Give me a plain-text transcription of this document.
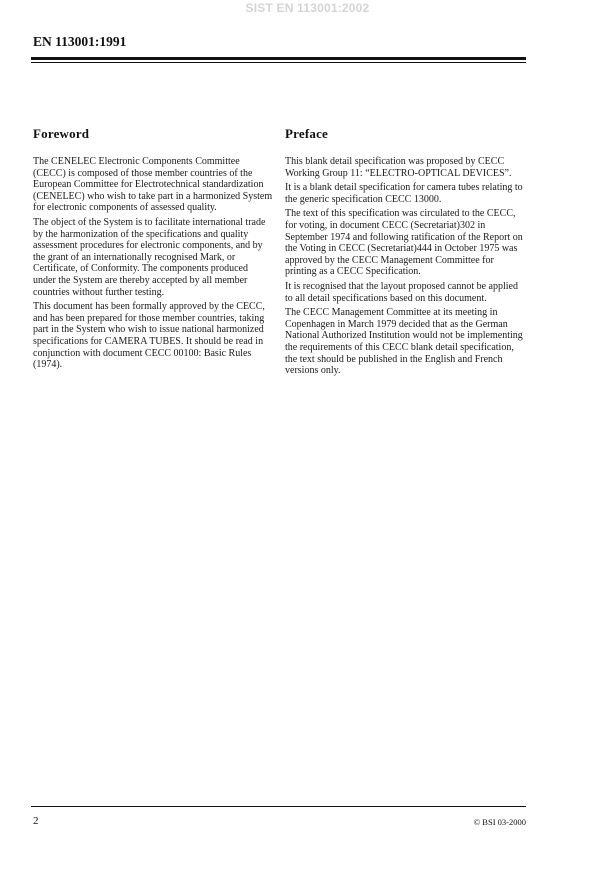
SIST EN 113001:2002
EN 113001:1991
Foreword

The CENELEC Electronic Components Committee (CECC) is composed of those member countries of the European Committee for Electrotechnical standardization (CENELEC) who wish to take part in a harmonized System for electronic components of assessed quality.

The object of the System is to facilitate international trade by the harmonization of the specifications and quality assessment procedures for electronic components, and by the grant of an internationally recognised Mark, or Certificate, of Conformity. The components produced under the System are thereby accepted by all member countries without further testing.

This document has been formally approved by the CECC, and has been prepared for those member countries, taking part in the System who wish to issue national harmonized specifications for CAMERA TUBES. It should be read in conjunction with document CECC 00100: Basic Rules (1974).

Preface

This blank detail specification was proposed by CECC Working Group 11: “ELECTRO-OPTICAL DEVICES”.

It is a blank detail specification for camera tubes relating to the generic specification CECC 13000.

The text of this specification was circulated to the CECC, for voting, in document CECC (Secretariat)302 in September 1974 and following ratification of the Report on the Voting in CECC (Secretariat)444 in October 1975 was approved by the CECC Management Committee for printing as a CECC Specification.

It is recognised that the layout proposed cannot be applied to all detail specifications based on this document.

The CECC Management Committee at its meeting in Copenhagen in March 1979 decided that as the German National Authorized Institution would not be implementing the requirements of this CECC blank detail specification, the text should be published in the English and French versions only.

2	© BSI 03-2000
